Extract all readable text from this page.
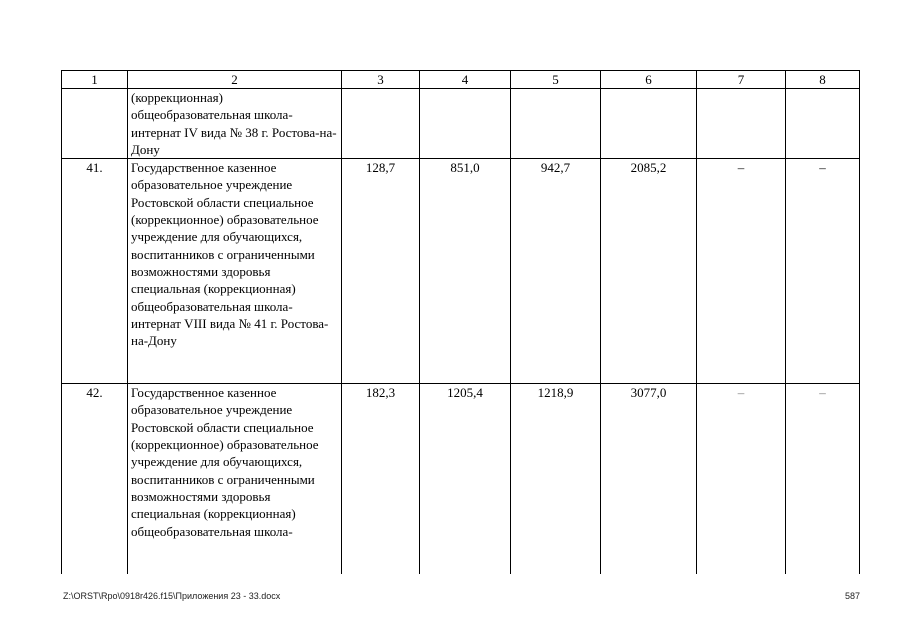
1	2	3	4	5	6	7	8
	(коррекционная) общеобразовательная школа-интернат IV вида № 38 г. Ростова-на-Дону						
41.	Государственное казенное образовательное учреждение Ростовской области специальное (коррекционное) образовательное учреждение для обучающихся, воспитанников с ограниченными возможностями здоровья специальная (коррекционная) общеобразовательная школа-интернат VIII вида № 41 г. Ростова-на-Дону	128,7	851,0	942,7	2085,2	–	–
42.	Государственное казенное образовательное учреждение Ростовской области специальное (коррекционное) образовательное учреждение для обучающихся, воспитанников с ограниченными возможностями здоровья специальная (коррекционная) общеобразовательная школа-	182,3	1205,4	1218,9	3077,0	–	–
Z:\ORST\Rpo\0918r426.f15\Приложения 23 - 33.docx	587
